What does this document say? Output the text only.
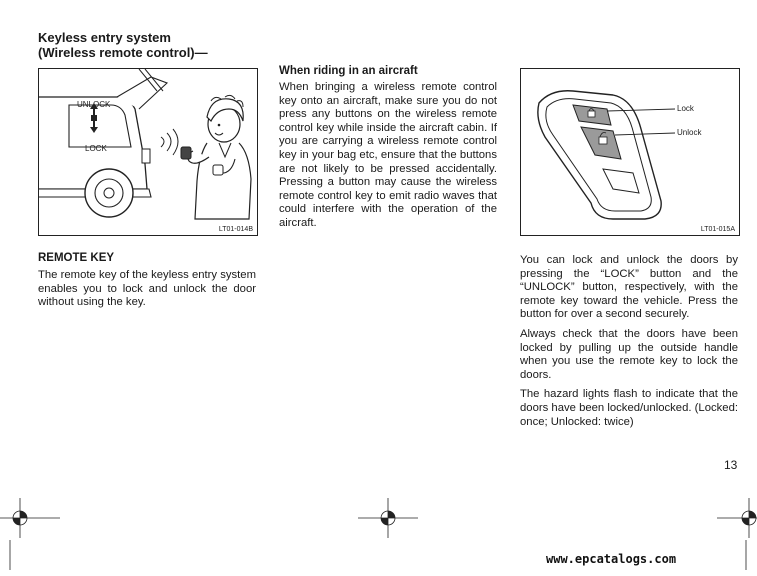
Keyless entry system
(Wireless remote control)—
UNLOCK
LOCK
LT01-014B
REMOTE KEY
The remote key of the keyless entry system enables you to lock and unlock the door without using the key.
When riding in an aircraft
When bringing a wireless remote control key onto an aircraft, make sure you do not press any buttons on the wireless remote control key while inside the aircraft cabin. If you are carrying a wireless remote control key in your bag etc, ensure that the buttons are not likely to be pressed accidentally. Pressing a button may cause the wireless remote control key to emit radio waves that could interfere with the operation of the aircraft.
Lock
Unlock
LT01-015A

You can lock and unlock the doors by pressing the “LOCK” button and the “UNLOCK” button, respectively, with the remote key toward the vehicle. Press the button for over a second securely.

Always check that the doors have been locked by pulling up the outside handle when you use the remote key to lock the doors.

The hazard lights flash to indicate that the doors have been locked/unlocked. (Locked: once; Unlocked: twice)

13
www.epcatalogs.com
